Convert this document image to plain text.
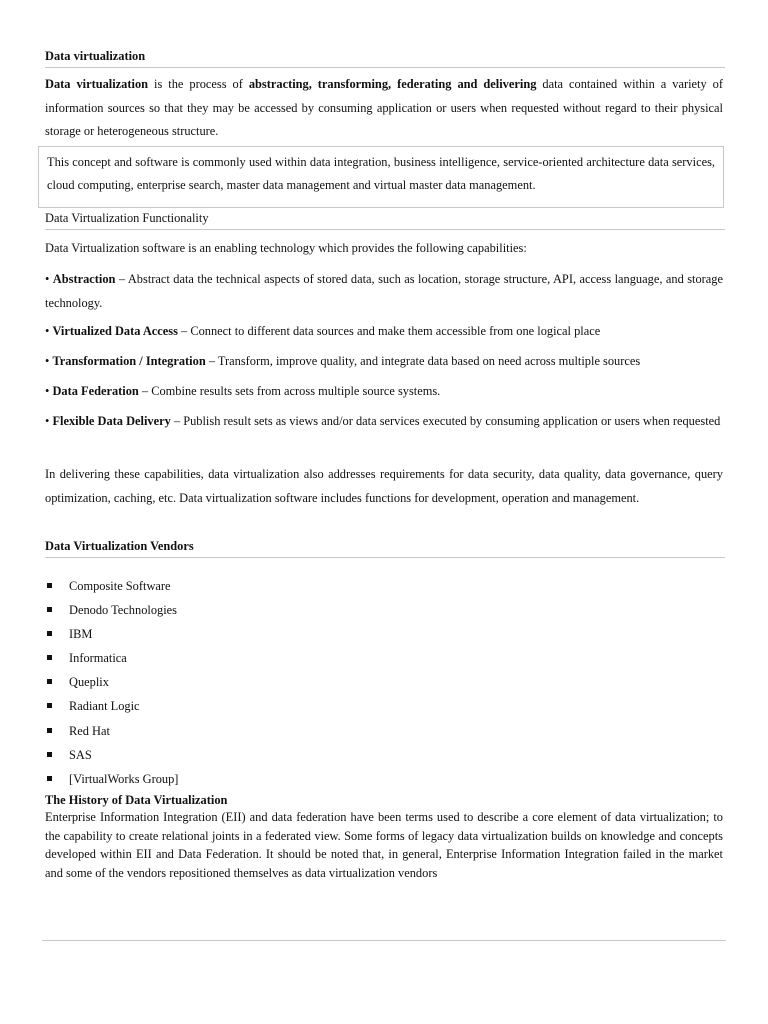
Data virtualization

Data virtualization is the process of abstracting, transforming, federating and delivering data contained within a variety of information sources so that they may be accessed by consuming application or users when requested without regard to their physical storage or heterogeneous structure.

This concept and software is commonly used within data integration, business intelligence, service-oriented architecture data services, cloud computing, enterprise search, master data management and virtual master data management.
Data Virtualization Functionality

Data Virtualization software is an enabling technology which provides the following capabilities:

• Abstraction – Abstract data the technical aspects of stored data, such as location, storage structure, API, access language, and storage technology.

• Virtualized Data Access – Connect to different data sources and make them accessible from one logical place

• Transformation / Integration – Transform, improve quality, and integrate data based on need across multiple sources

• Data Federation – Combine results sets from across multiple source systems.

• Flexible Data Delivery – Publish result sets as views and/or data services executed by consuming application or users when requested

In delivering these capabilities, data virtualization also addresses requirements for data security, data quality, data governance, query optimization, caching, etc. Data virtualization software includes functions for development, operation and management.

Data Virtualization Vendors
Composite Software
Denodo Technologies
IBM
Informatica
Queplix
Radiant Logic
Red Hat
SAS
[VirtualWorks Group]
The History of Data Virtualization

Enterprise Information Integration (EII) and data federation have been terms used to describe a core element of data virtualization; to the capability to create relational joints in a federated view. Some forms of legacy data virtualization builds on knowledge and concepts developed within EII and Data Federation. It should be noted that, in general, Enterprise Information Integration failed in the market and some of the vendors repositioned themselves as data virtualization vendors
